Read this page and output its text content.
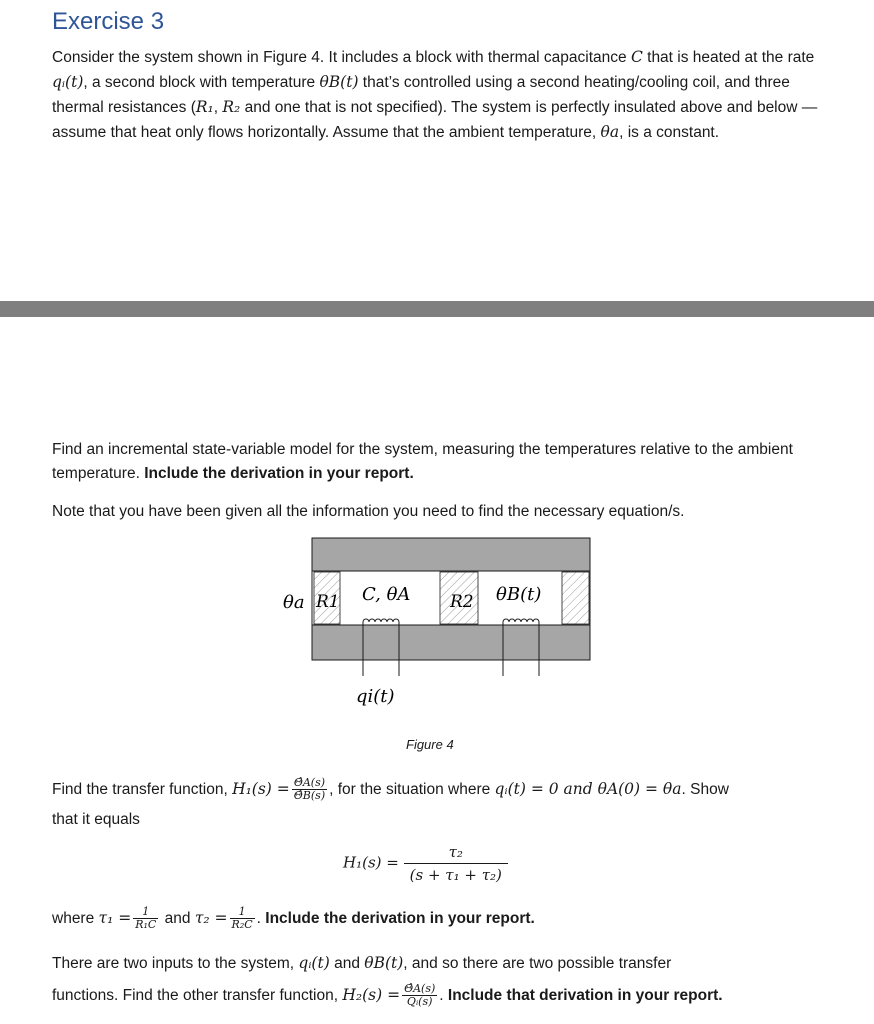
Exercise 3

Consider the system shown in Figure 4. It includes a block with thermal capacitance C that is heated at the rate qᵢ(t), a second block with temperature θB(t) that’s controlled using a second heating/cooling coil, and three thermal resistances (R₁, R₂ and one that is not specified). The system is perfectly insulated above and below — assume that heat only flows horizontally. Assume that the ambient temperature, θa, is a constant.

Find an incremental state-variable model for the system, measuring the temperatures relative to the ambient temperature. Include the derivation in your report.

Note that you have been given all the information you need to find the necessary equation/s.

θa R1 C, θA R2 θB(t)
qi(t)
Figure 4

Find the transfer function, $H_1(s) = \frac{\ThetâA(s)}{\ThetâB(s)}$ , for the situation where qᵢ(t) = 0 and θA(0) = θa. Show

that it equals

$H_1(s) = \frac{\text{τ₂}}{\text{(s + τ₁ + τ₂)}}$

where $\tau_1 = \frac{1}{\text{R₁C}}$ and $\tau_2 = \frac{1}{\text{R₂C}}$ . Include the derivation in your report.

There are two inputs to the system, qᵢ(t) and θB(t), and so there are two possible transfer

functions. Find the other transfer function, $H_2(s) = \frac{\ThetâA(s)}{\text{Qᵢ(s)}}$ . Include that derivation in your report.
